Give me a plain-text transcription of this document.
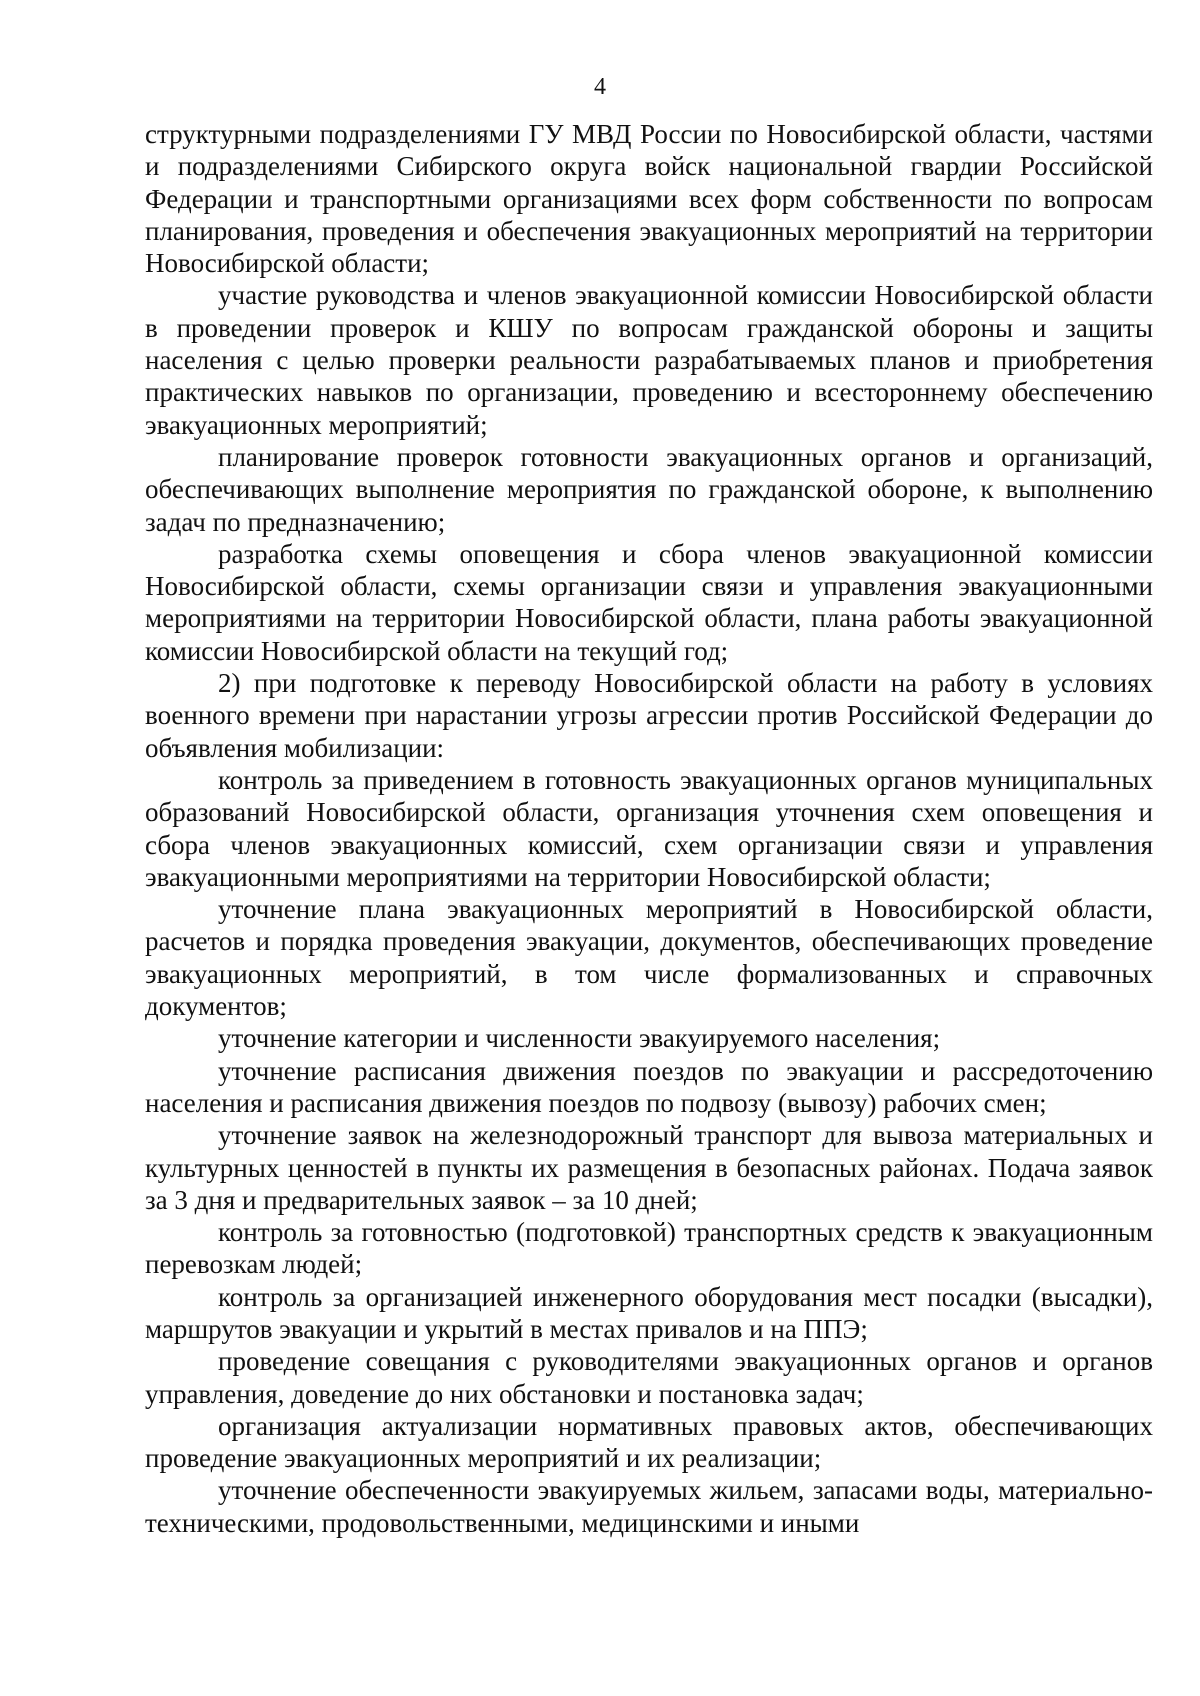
4

структурными подразделениями ГУ МВД России по Новосибирской области, частями и подразделениями Сибирского округа войск национальной гвардии Российской Федерации и транспортными организациями всех форм собственности по вопросам планирования, проведения и обеспечения эвакуационных мероприятий на территории Новосибирской области;

участие руководства и членов эвакуационной комиссии Новосибирской области в проведении проверок и КШУ по вопросам гражданской обороны и защиты населения с целью проверки реальности разрабатываемых планов и приобретения практических навыков по организации, проведению и всестороннему обеспечению эвакуационных мероприятий;

планирование проверок готовности эвакуационных органов и организаций, обеспечивающих выполнение мероприятия по гражданской обороне, к выполнению задач по предназначению;

разработка схемы оповещения и сбора членов эвакуационной комиссии Новосибирской области, схемы организации связи и управления эвакуационными мероприятиями на территории Новосибирской области, плана работы эвакуационной комиссии Новосибирской области на текущий год;

2) при подготовке к переводу Новосибирской области на работу в условиях военного времени при нарастании угрозы агрессии против Российской Федерации до объявления мобилизации:

контроль за приведением в готовность эвакуационных органов муниципальных образований Новосибирской области, организация уточнения схем оповещения и сбора членов эвакуационных комиссий, схем организации связи и управления эвакуационными мероприятиями на территории Новосибирской области;

уточнение плана эвакуационных мероприятий в Новосибирской области, расчетов и порядка проведения эвакуации, документов, обеспечивающих проведение эвакуационных мероприятий, в том числе формализованных и справочных документов;

уточнение категории и численности эвакуируемого населения;

уточнение расписания движения поездов по эвакуации и рассредоточению населения и расписания движения поездов по подвозу (вывозу) рабочих смен;

уточнение заявок на железнодорожный транспорт для вывоза материальных и культурных ценностей в пункты их размещения в безопасных районах. Подача заявок за 3 дня и предварительных заявок – за 10 дней;

контроль за готовностью (подготовкой) транспортных средств к эвакуационным перевозкам людей;

контроль за организацией инженерного оборудования мест посадки (высадки), маршрутов эвакуации и укрытий в местах привалов и на ППЭ;

проведение совещания с руководителями эвакуационных органов и органов управления, доведение до них обстановки и постановка задач;

организация актуализации нормативных правовых актов, обеспечивающих проведение эвакуационных мероприятий и их реализации;

уточнение обеспеченности эвакуируемых жильем, запасами воды, материально-техническими, продовольственными, медицинскими и иными
